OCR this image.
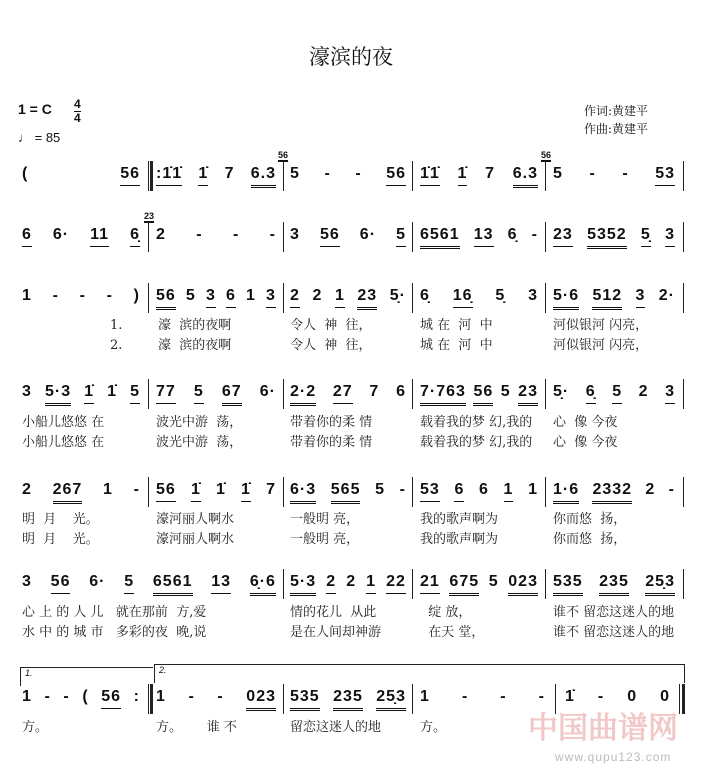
濠滨的夜
1 = C 4
4
♩ = 85
作词:黄建平
作曲:黄建平
(	56 :1̇1̇ 1̇ 7 6.3 5 - - 56
56
1̇1̇ 1̇ 7 6.3 5 - - 53
56
6 6· 11 6̣ 2 - - -
23
3 56 6· 5 6561 13 6̣ - 23 5352 5̣ 3
1 - - - ) 56 5 3 6 1 3 2 2 1 23 5̣· 6̣ 16̣ 5̣ 3 5·6 512 3 2·
3 5·3 1̇ 1̇ 5 77 5 67 6· 2·2 27 7 6 7·763 56 5 23 5̣· 6̣ 5 2 3
2 267 1 - 56 1̇ 1̇ 1̇ 7 6·3 565 5 - 53 6 6 1 1 1·6 2332 2 -
3 56 6· 5 6561 13 6̣·6 5·3 2 2 1 22 21 675 5 023 535 235 25̣3
1 - - ( 56 : 1 - - 023 535 235 25̣3 1 - - - 1̇ - 0 0
1.	2.
1.	濠  滨的夜啊	令人  神  往，	城 在  河  中	河似银河 闪亮，
2.	濠  滨的夜啊	令人  神  往，	城 在  河  中	河似银河 闪亮，
小船儿悠悠 在	波光中游  荡，	带着你的柔 情	载着我的梦 幻,我的 心  像 今夜
小船儿悠悠 在	波光中游  荡，	带着你的柔 情	载着我的梦 幻,我的 心  像 今夜
明  月    光。	濠河丽人啊水	一般明 亮，	我的歌声啊为	你而悠  扬，
明  月    光。	濠河丽人啊水	一般明 亮，	我的歌声啊为	你而悠  扬，
心 上 的 人 儿   就在那前  方,爱	情的花儿  从此	绽 放，	谁不 留恋这迷人的地
水 中 的 城 市   多彩的夜  晚,说	是在人间却神游	在天 堂，	谁不 留恋这迷人的地
方。	方。      谁 不	留恋这迷人的地	方。	中国曲谱网
www.qupu123.com
